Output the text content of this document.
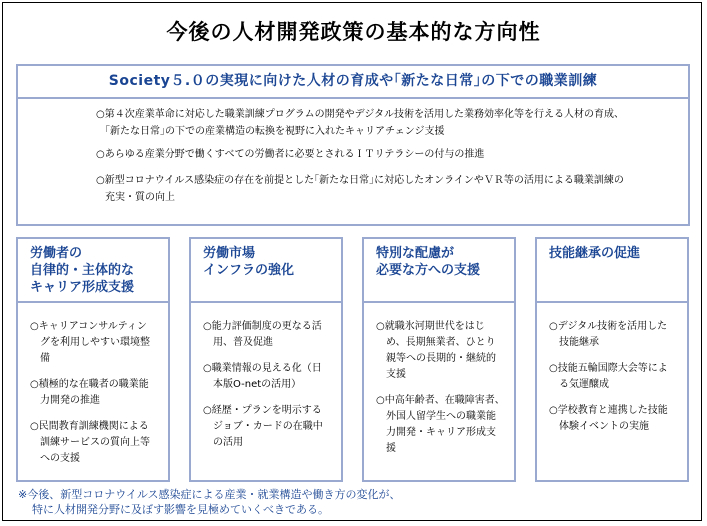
今後の人材開発政策の基本的な方向性
Society５.０の実現に向けた人材の育成や｢新たな日常｣の下での職業訓練
○第４次産業革命に対応した職業訓練プログラムの開発やデジタル技術を活用した業務効率化等を行える人材の育成、
｢新たな日常｣の下での産業構造の転換を視野に入れたキャリアチェンジ支援
○あらゆる産業分野で働くすべての労働者に必要とされるＩＴリテラシーの付与の推進
○新型コロナウイルス感染症の存在を前提とした｢新たな日常｣に対応したオンラインやＶＲ等の活用による職業訓練の
充実・質の向上
労働者の
自律的・主体的な
キャリア形成支援
○キャリアコンサルティン
グを利用しやすい環境整
備
○積極的な在職者の職業能
力開発の推進
○民間教育訓練機関による
訓練サービスの質向上等
への支援
労働市場
インフラの強化
○能力評価制度の更なる活
用、普及促進
○職業情報の見える化（日
本版O-netの活用）
○経歴・プランを明示する
ジョブ・カードの在職中
の活用
特別な配慮が
必要な方への支援
○就職氷河期世代をはじ
め、長期無業者、ひとり
親等への長期的・継続的
支援
○中高年齢者、在職障害者、
外国人留学生への職業能
力開発・キャリア形成支
援
技能継承の促進
○デジタル技術を活用した
技能継承
○技能五輪国際大会等によ
る気運醸成
○学校教育と連携した技能
体験イベントの実施
※今後、新型コロナウイルス感染症による産業・就業構造や働き方の変化が、
特に人材開発分野に及ぼす影響を見極めていくべきである。
